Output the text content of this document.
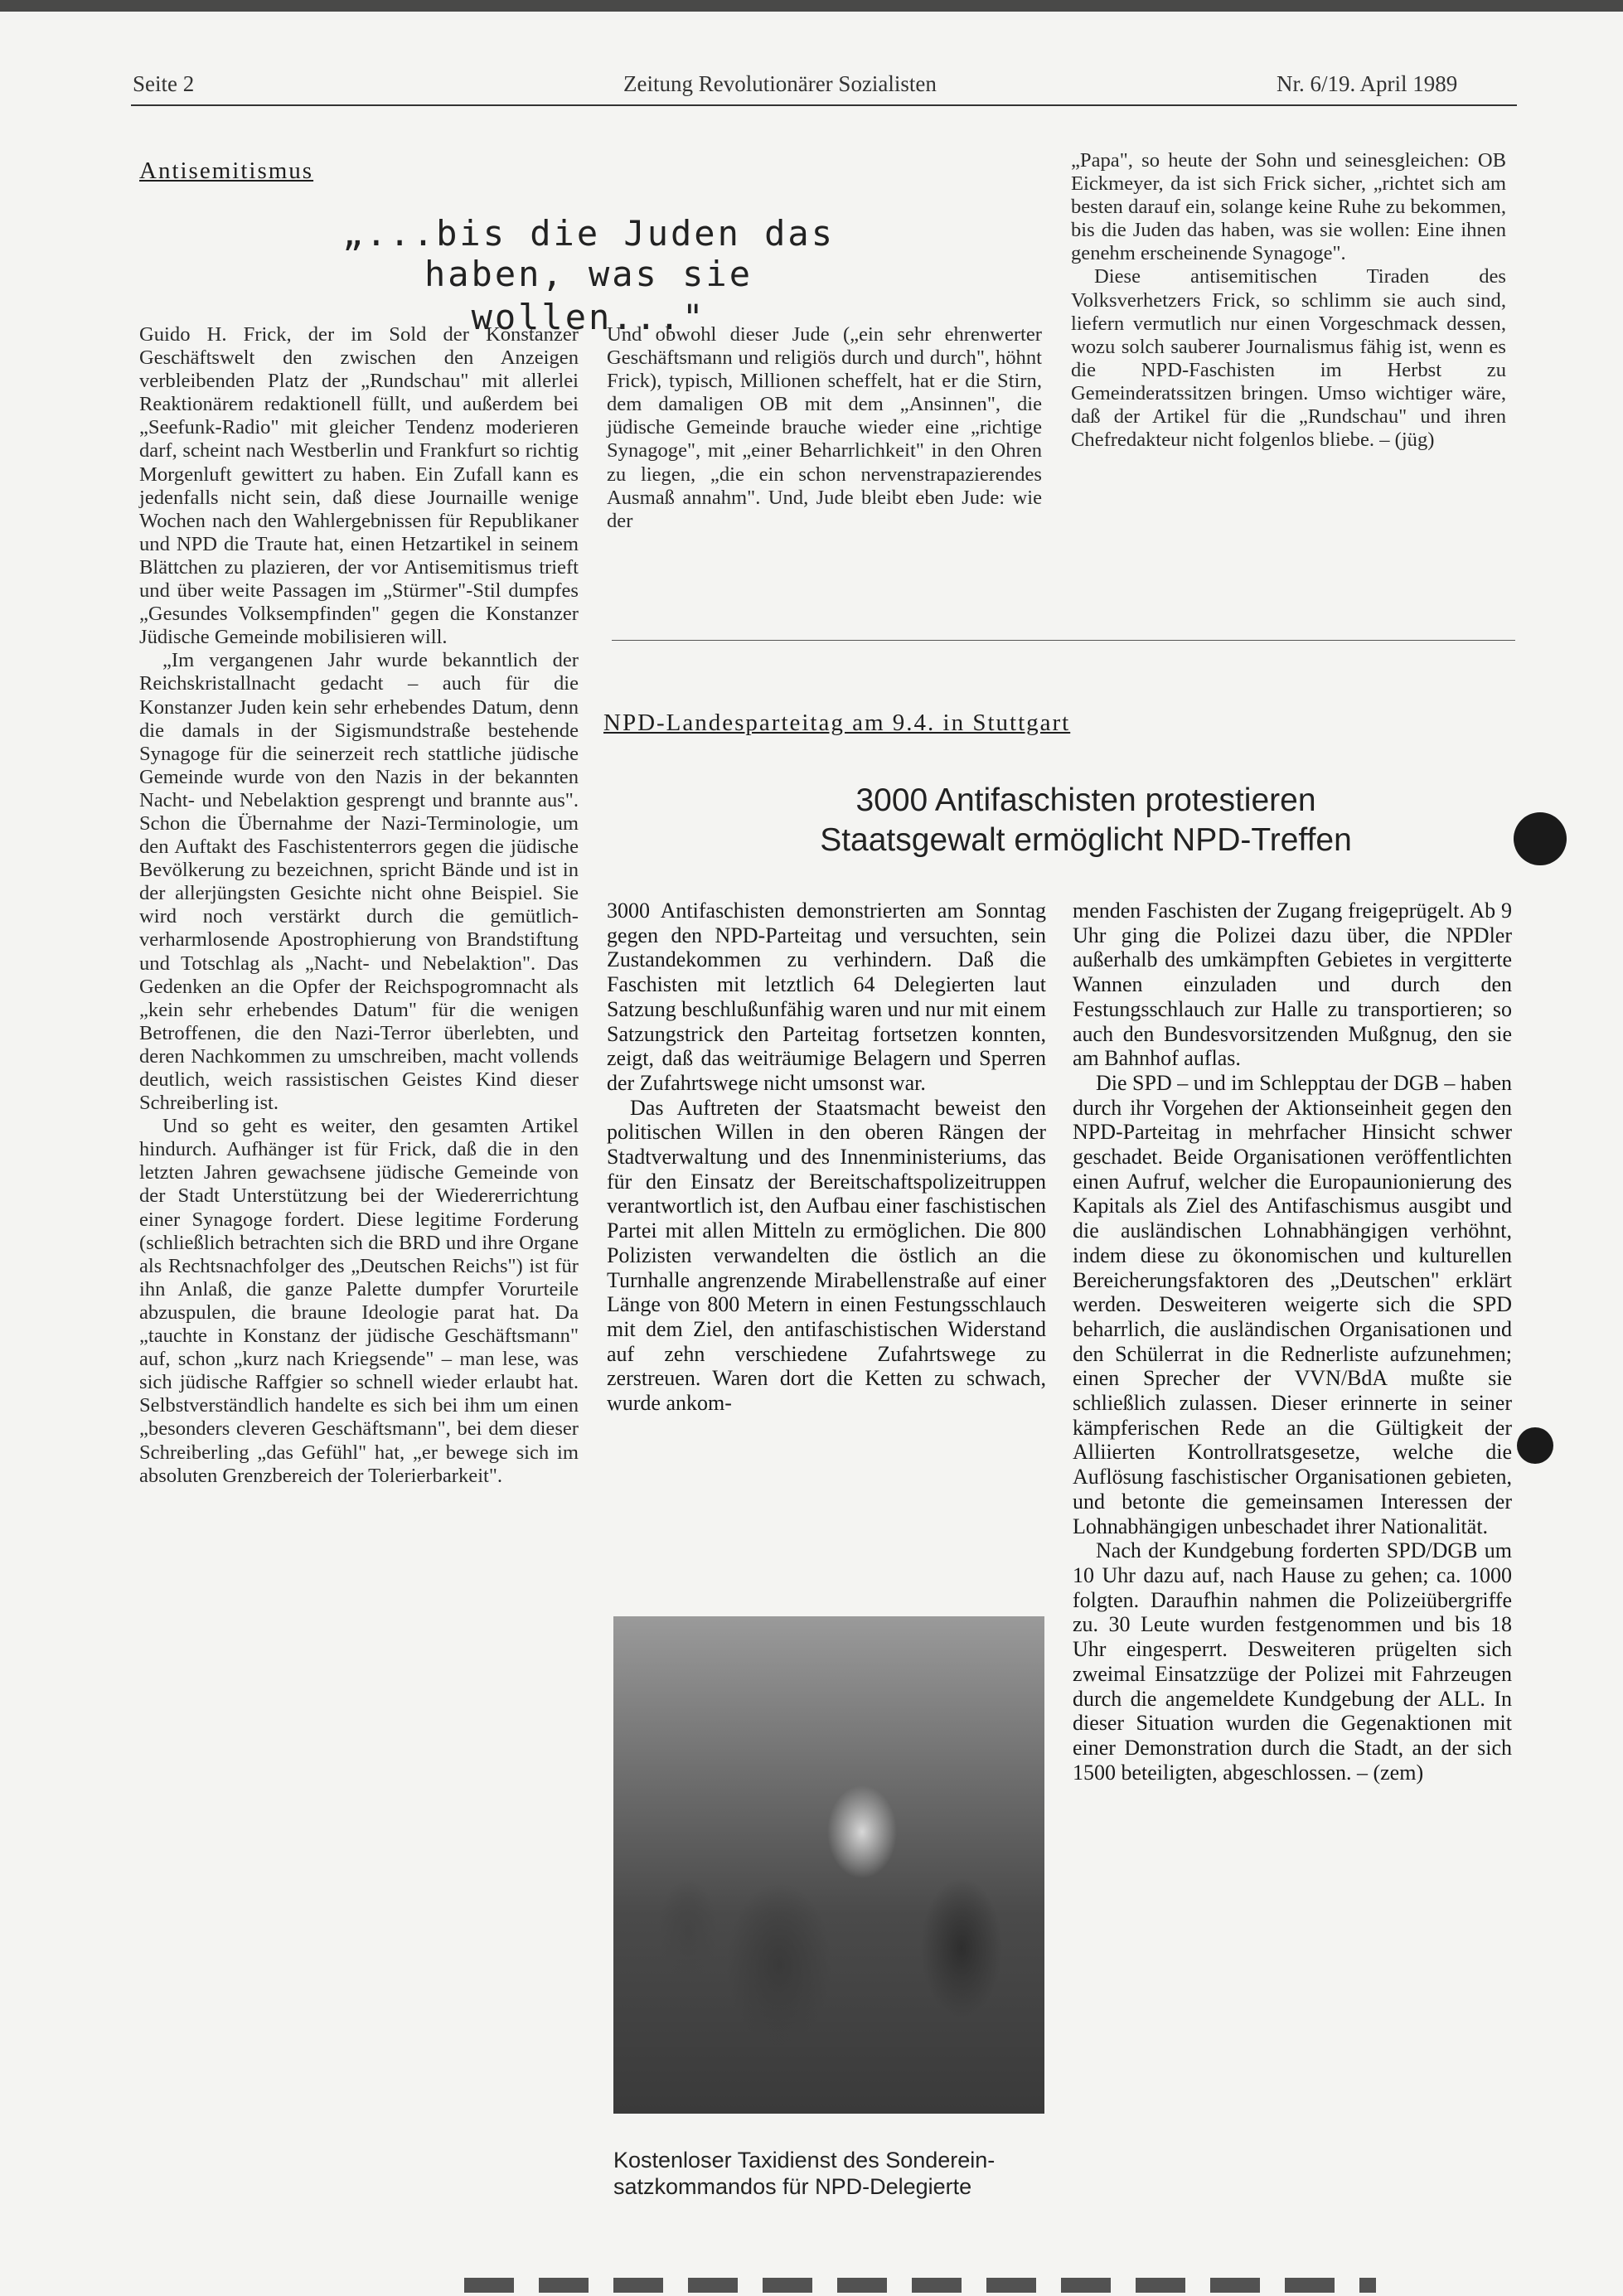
Seite 2	Zeitung Revolutionärer Sozialisten	Nr. 6/19. April 1989
Antisemitismus
„...bis die Juden das
haben, was sie wollen..."

Guido H. Frick, der im Sold der Konstanzer Geschäftswelt den zwischen den Anzeigen verbleibenden Platz der „Rundschau" mit allerlei Reaktionärem redaktionell füllt, und außerdem bei „Seefunk-Radio" mit gleicher Tendenz moderieren darf, scheint nach Westberlin und Frankfurt so richtig Morgenluft gewittert zu haben. Ein Zufall kann es jedenfalls nicht sein, daß diese Journaille wenige Wochen nach den Wahlergebnissen für Republikaner und NPD die Traute hat, einen Hetzartikel in seinem Blättchen zu plazieren, der vor Antisemitismus trieft und über weite Passagen im „Stürmer"-Stil dumpfes „Gesundes Volksempfinden" gegen die Konstanzer Jüdische Gemeinde mobilisieren will.

„Im vergangenen Jahr wurde bekanntlich der Reichskristallnacht gedacht – auch für die Konstanzer Juden kein sehr erhebendes Datum, denn die damals in der Sigismundstraße bestehende Synagoge für die seinerzeit rech stattliche jüdische Gemeinde wurde von den Nazis in der bekannten Nacht- und Nebelaktion gesprengt und brannte aus". Schon die Übernahme der Nazi-Terminologie, um den Auftakt des Faschistenterrors gegen die jüdische Bevölkerung zu bezeichnen, spricht Bände und ist in der allerjüngsten Gesichte nicht ohne Beispiel. Sie wird noch verstärkt durch die gemütlich-verharmlosende Apostrophierung von Brandstiftung und Totschlag als „Nacht- und Nebelaktion". Das Gedenken an die Opfer der Reichspogromnacht als „kein sehr erhebendes Datum" für die wenigen Betroffenen, die den Nazi-Terror überlebten, und deren Nachkommen zu umschreiben, macht vollends deutlich, weich rassistischen Geistes Kind dieser Schreiberling ist.

Und so geht es weiter, den gesamten Artikel hindurch. Aufhänger ist für Frick, daß die in den letzten Jahren gewachsene jüdische Gemeinde von der Stadt Unterstützung bei der Wiedererrichtung einer Synagoge fordert. Diese legitime Forderung (schließlich betrachten sich die BRD und ihre Organe als Rechtsnachfolger des „Deutschen Reichs") ist für ihn Anlaß, die ganze Palette dumpfer Vorurteile abzuspulen, die braune Ideologie parat hat. Da „tauchte in Konstanz der jüdische Geschäftsmann" auf, schon „kurz nach Kriegsende" – man lese, was sich jüdische Raffgier so schnell wieder erlaubt hat. Selbstverständlich handelte es sich bei ihm um einen „besonders cleveren Geschäftsmann", bei dem dieser Schreiberling „das Gefühl" hat, „er bewege sich im absoluten Grenzbereich der Tolerierbarkeit".

Und obwohl dieser Jude („ein sehr ehrenwerter Geschäftsmann und religiös durch und durch", höhnt Frick), typisch, Millionen scheffelt, hat er die Stirn, dem damaligen OB mit dem „Ansinnen", die jüdische Gemeinde brauche wieder eine „richtige Synagoge", mit „einer Beharrlichkeit" in den Ohren zu liegen, „die ein schon nervenstrapazierendes Ausmaß annahm". Und, Jude bleibt eben Jude: wie der

„Papa", so heute der Sohn und seinesgleichen: OB Eickmeyer, da ist sich Frick sicher, „richtet sich am besten darauf ein, solange keine Ruhe zu bekommen, bis die Juden das haben, was sie wollen: Eine ihnen genehm erscheinende Synagoge".

Diese antisemitischen Tiraden des Volksverhetzers Frick, so schlimm sie auch sind, liefern vermutlich nur einen Vorgeschmack dessen, wozu solch sauberer Journalismus fähig ist, wenn es die NPD-Faschisten im Herbst zu Gemeinderatssitzen bringen. Umso wichtiger wäre, daß der Artikel für die „Rundschau" und ihren Chefredakteur nicht folgenlos bliebe. – (jüg)

NPD-Landesparteitag am 9.4. in Stuttgart
3000 Antifaschisten protestieren
Staatsgewalt ermöglicht NPD-Treffen

3000 Antifaschisten demonstrierten am Sonntag gegen den NPD-Parteitag und versuchten, sein Zustandekommen zu verhindern. Daß die Faschisten mit letztlich 64 Delegierten laut Satzung beschlußunfähig waren und nur mit einem Satzungstrick den Parteitag fortsetzen konnten, zeigt, daß das weiträumige Belagern und Sperren der Zufahrtswege nicht umsonst war.

Das Auftreten der Staatsmacht beweist den politischen Willen in den oberen Rängen der Stadtverwaltung und des Innenministeriums, das für den Einsatz der Bereitschaftspolizeitruppen verantwortlich ist, den Aufbau einer faschistischen Partei mit allen Mitteln zu ermöglichen. Die 800 Polizisten verwandelten die östlich an die Turnhalle angrenzende Mirabellenstraße auf einer Länge von 800 Metern in einen Festungsschlauch mit dem Ziel, den antifaschistischen Widerstand auf zehn verschiedene Zufahrtswege zu zerstreuen. Waren dort die Ketten zu schwach, wurde ankom-

Kostenloser Taxidienst des Sonderein-
satzkommandos für NPD-Delegierte

menden Faschisten der Zugang freigeprügelt. Ab 9 Uhr ging die Polizei dazu über, die NPDler außerhalb des umkämpften Gebietes in vergitterte Wannen einzuladen und durch den Festungsschlauch zur Halle zu transportieren; so auch den Bundesvorsitzenden Mußgnug, den sie am Bahnhof auflas.

Die SPD – und im Schlepptau der DGB – haben durch ihr Vorgehen der Aktionseinheit gegen den NPD-Parteitag in mehrfacher Hinsicht schwer geschadet. Beide Organisationen veröffentlichten einen Aufruf, welcher die Europaunionierung des Kapitals als Ziel des Antifaschismus ausgibt und die ausländischen Lohnabhängigen verhöhnt, indem diese zu ökonomischen und kulturellen Bereicherungsfaktoren des „Deutschen" erklärt werden. Desweiteren weigerte sich die SPD beharrlich, die ausländischen Organisationen und den Schülerrat in die Rednerliste aufzunehmen; einen Sprecher der VVN/BdA mußte sie schließlich zulassen. Dieser erinnerte in seiner kämpferischen Rede an die Gültigkeit der Alliierten Kontrollratsgesetze, welche die Auflösung faschistischer Organisationen gebieten, und betonte die gemeinsamen Interessen der Lohnabhängigen unbeschadet ihrer Nationalität.

Nach der Kundgebung forderten SPD/DGB um 10 Uhr dazu auf, nach Hause zu gehen; ca. 1000 folgten. Daraufhin nahmen die Polizeiübergriffe zu. 30 Leute wurden festgenommen und bis 18 Uhr eingesperrt. Desweiteren prügelten sich zweimal Einsatzzüge der Polizei mit Fahrzeugen durch die angemeldete Kundgebung der ALL. In dieser Situation wurden die Gegenaktionen mit einer Demonstration durch die Stadt, an der sich 1500 beteiligten, abgeschlossen. – (zem)
